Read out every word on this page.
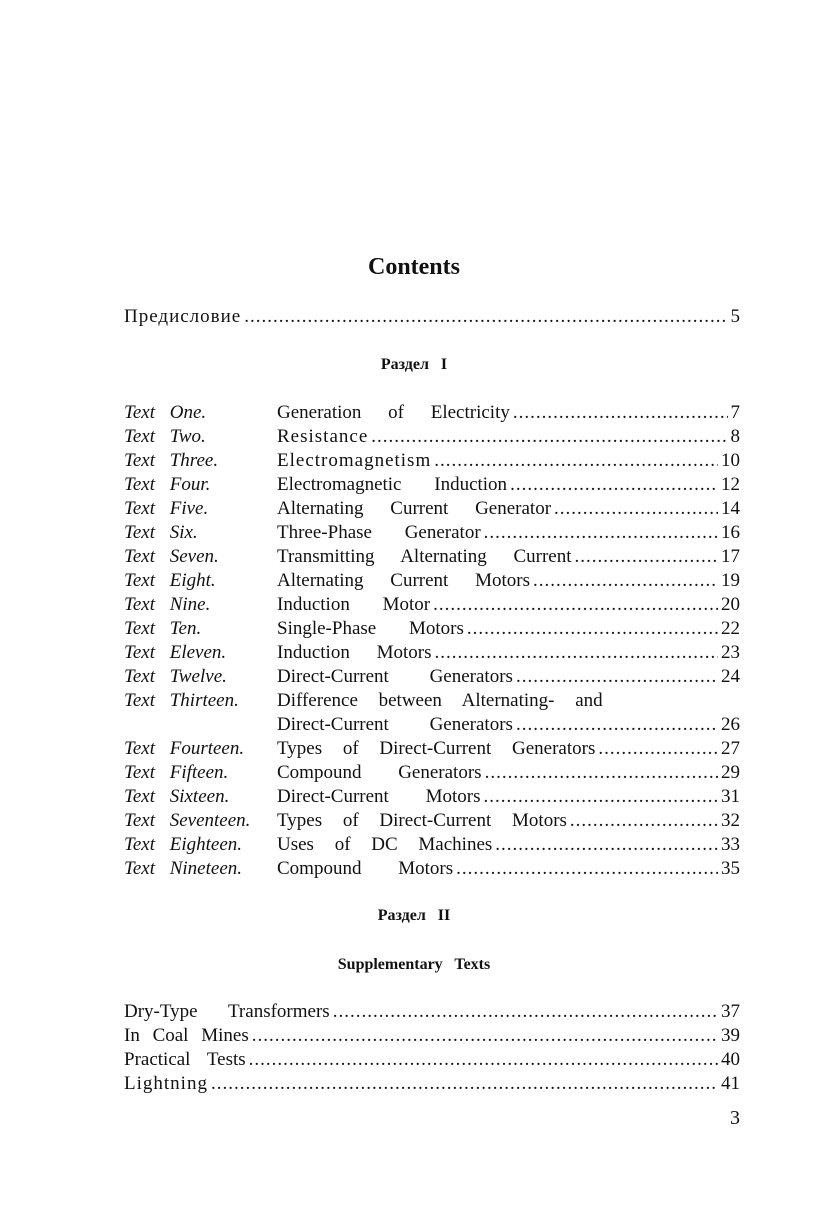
Contents
Предисловие .....	5
Раздел I
Text One.	Generation of Electricity .....	7
Text Two.	Resistance .....	8
Text Three.	Electromagnetism .....	10
Text Four.	Electromagnetic Induction .....	12
Text Five.	Alternating Current Generator .....	14
Text Six.	Three-Phase Generator .....	16
Text Seven.	Transmitting Alternating Current .....	17
Text Eight.	Alternating Current Motors .....	19
Text Nine.	Induction Motor .....	20
Text Ten.	Single-Phase Motors .....	22
Text Eleven.	Induction Motors .....	23
Text Twelve.	Direct-Current Generators .....	24
Text Thirteen.	Difference between Alternating- and
Direct-Current Generators .....	26
Text Fourteen.	Types of Direct-Current Generators .....	27
Text Fifteen.	Compound Generators .....	29
Text Sixteen.	Direct-Current Motors .....	31
Text Seventeen.	Types of Direct-Current Motors .....	32
Text Eighteen.	Uses of DC Machines .....	33
Text Nineteen.	Compound Motors .....	35
Раздел II
Supplementary Texts
Dry-Type Transformers .....	37
In Coal Mines .....	39
Practical Tests .....	40
Lightning .....	41
3
